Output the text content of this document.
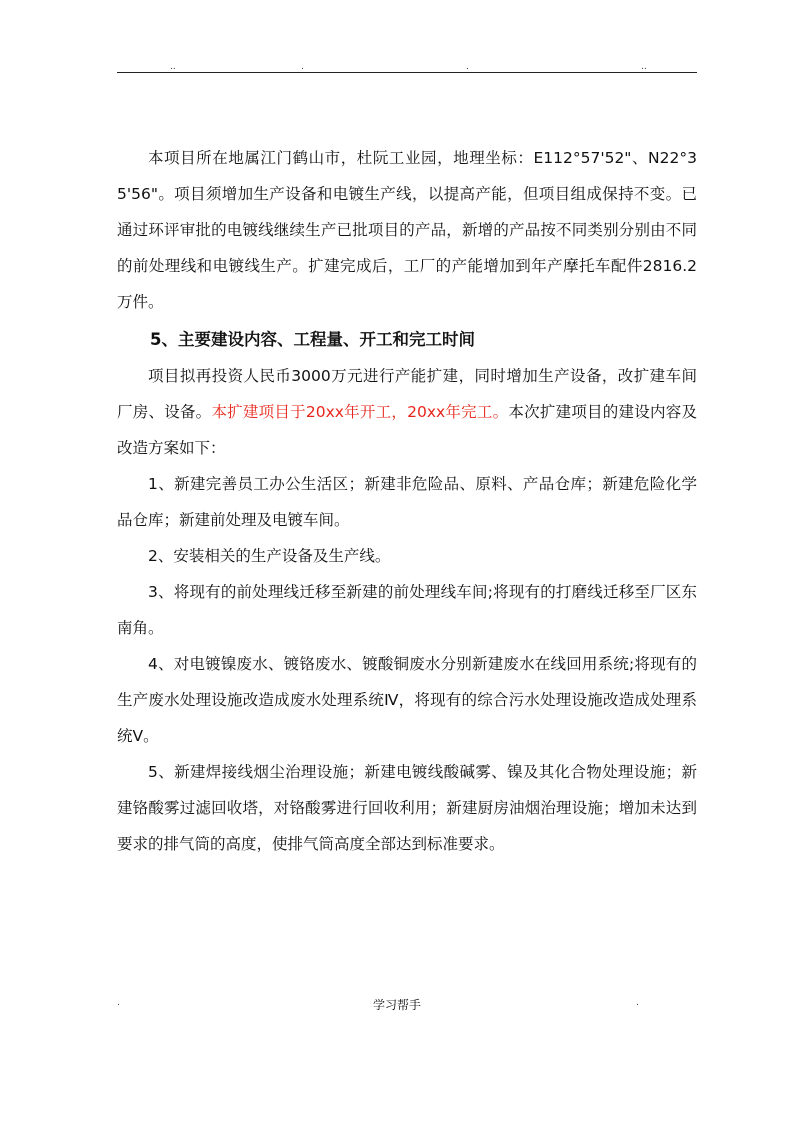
..	.	.	..

本项目所在地属江门鹤山市，杜阮工业园，地理坐标：E112°57'52"、N22°35'56"。项目须增加生产设备和电镀生产线，以提高产能，但项目组成保持不变。已通过环评审批的电镀线继续生产已批项目的产品，新增的产品按不同类别分别由不同的前处理线和电镀线生产。扩建完成后，工厂的产能增加到年产摩托车配件2816.2万件。

5、主要建设内容、工程量、开工和完工时间

项目拟再投资人民币3000万元进行产能扩建，同时增加生产设备，改扩建车间厂房、设备。本扩建项目于20xx年开工，20xx年完工。本次扩建项目的建设内容及改造方案如下：

1、新建完善员工办公生活区；新建非危险品、原料、产品仓库；新建危险化学品仓库；新建前处理及电镀车间。

2、安装相关的生产设备及生产线。

3、将现有的前处理线迁移至新建的前处理线车间;将现有的打磨线迁移至厂区东南角。

4、对电镀镍废水、镀铬废水、镀酸铜废水分别新建废水在线回用系统;将现有的生产废水处理设施改造成废水处理系统Ⅳ，将现有的综合污水处理设施改造成处理系统Ⅴ。

5、新建焊接线烟尘治理设施；新建电镀线酸碱雾、镍及其化合物处理设施；新建铬酸雾过滤回收塔，对铬酸雾进行回收利用；新建厨房油烟治理设施；增加未达到要求的排气筒的高度，使排气筒高度全部达到标准要求。

.	学习帮手	.
